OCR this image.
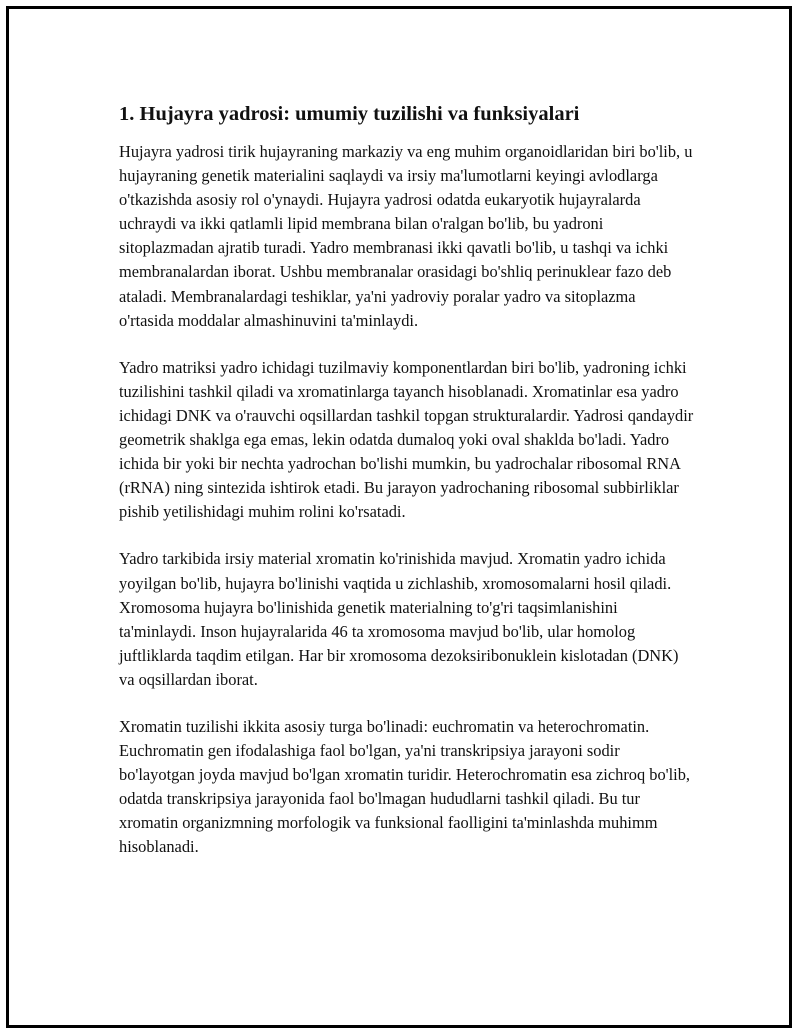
1. Hujayra yadrosi: umumiy tuzilishi va funksiyalari

Hujayra yadrosi tirik hujayraning markaziy va eng muhim organoidlaridan biri bo'lib, u hujayraning genetik materialini saqlaydi va irsiy ma'lumotlarni keyingi avlodlarga o'tkazishda asosiy rol o'ynaydi. Hujayra yadrosi odatda eukaryotik hujayralarda uchraydi va ikki qatlamli lipid membrana bilan o'ralgan bo'lib, bu yadroni sitoplazmadan ajratib turadi. Yadro membranasi ikki qavatli bo'lib, u tashqi va ichki membranalardan iborat. Ushbu membranalar orasidagi bo'shliq perinuklear fazo deb ataladi. Membranalardagi teshiklar, ya'ni yadroviy poralar yadro va sitoplazma o'rtasida moddalar almashinuvini ta'minlaydi.

Yadro matriksi yadro ichidagi tuzilmaviy komponentlardan biri bo'lib, yadroning ichki tuzilishini tashkil qiladi va xromatinlarga tayanch hisoblanadi. Xromatinlar esa yadro ichidagi DNK va o'rauvchi oqsillardan tashkil topgan strukturalardir. Yadrosi qandaydir geometrik shaklga ega emas, lekin odatda dumaloq yoki oval shaklda bo'ladi. Yadro ichida bir yoki bir nechta yadrochan bo'lishi mumkin, bu yadrochalar ribosomal RNA (rRNA) ning sintezida ishtirok etadi. Bu jarayon yadrochaning ribosomal subbirliklar pishib yetilishidagi muhim rolini ko'rsatadi.

Yadro tarkibida irsiy material xromatin ko'rinishida mavjud. Xromatin yadro ichida yoyilgan bo'lib, hujayra bo'linishi vaqtida u zichlashib, xromosomalarni hosil qiladi. Xromosoma hujayra bo'linishida genetik materialning to'g'ri taqsimlanishini ta'minlaydi. Inson hujayralarida 46 ta xromosoma mavjud bo'lib, ular homolog juftliklarda taqdim etilgan. Har bir xromosoma dezoksiribonuklein kislotadan (DNK) va oqsillardan iborat.

Xromatin tuzilishi ikkita asosiy turga bo'linadi: euchromatin va heterochromatin. Euchromatin gen ifodalashiga faol bo'lgan, ya'ni transkripsiya jarayoni sodir bo'layotgan joyda mavjud bo'lgan xromatin turidir. Heterochromatin esa zichroq bo'lib, odatda transkripsiya jarayonida faol bo'lmagan hududlarni tashkil qiladi. Bu tur xromatin organizmning morfologik va funksional faolligini ta'minlashda muhimm hisoblanadi.
